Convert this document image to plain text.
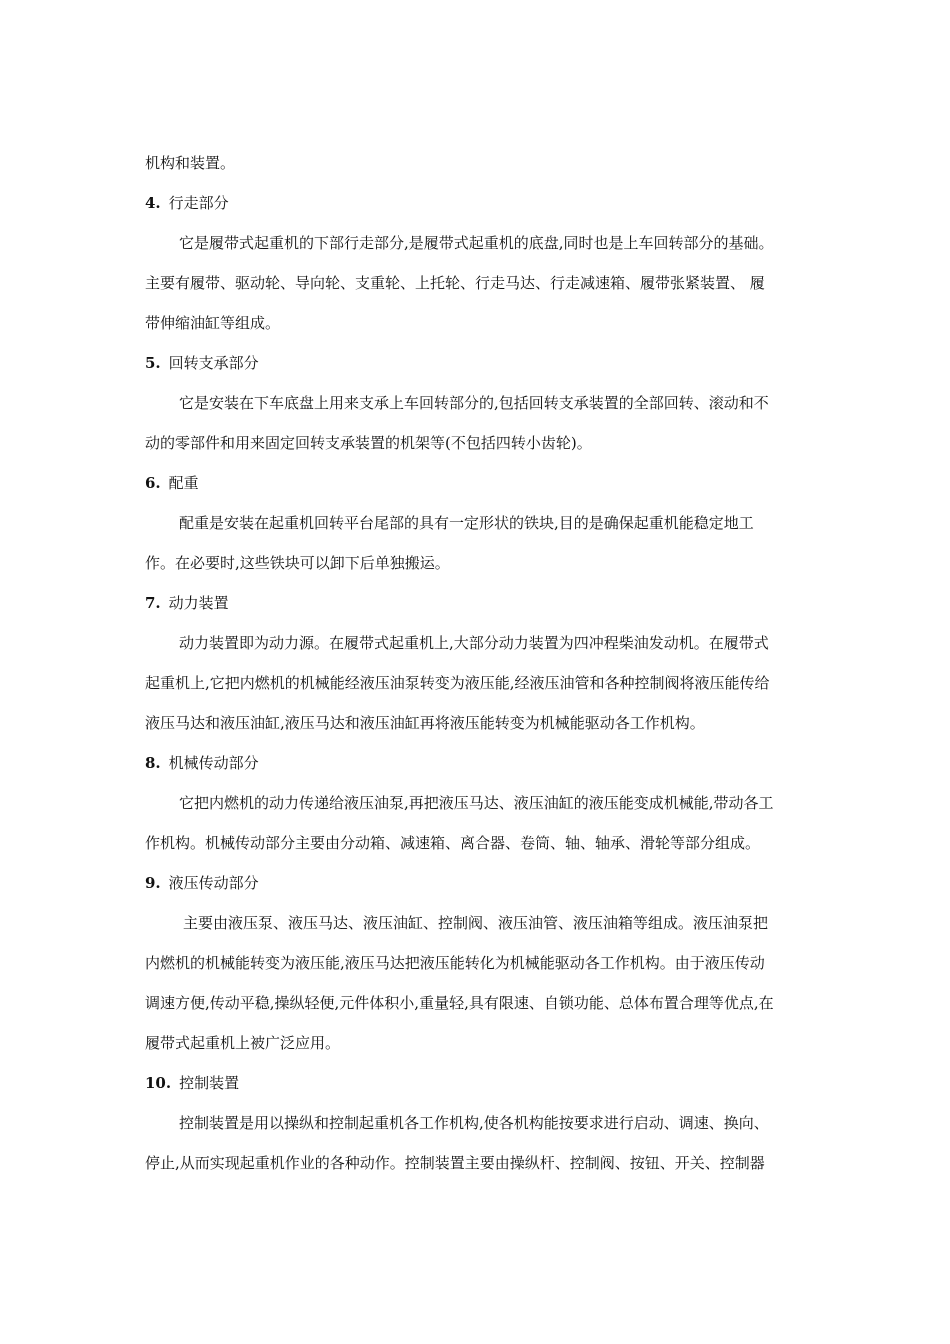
机构和装置。
4. 行走部分
它是履带式起重机的下部行走部分,是履带式起重机的底盘,同时也是上车回转部分的基础。
主要有履带、驱动轮、导向轮、支重轮、上托轮、行走马达、行走减速箱、履带张紧装置、 履
带伸缩油缸等组成。
5. 回转支承部分
它是安装在下车底盘上用来支承上车回转部分的,包括回转支承装置的全部回转、滚动和不
动的零部件和用来固定回转支承装置的机架等(不包括四转小齿轮)。
6. 配重
配重是安装在起重机回转平台尾部的具有一定形状的铁块,目的是确保起重机能稳定地工
作。在必要时,这些铁块可以卸下后单独搬运。
7. 动力装置
动力装置即为动力源。在履带式起重机上,大部分动力装置为四冲程柴油发动机。在履带式
起重机上,它把内燃机的机械能经液压油泵转变为液压能,经液压油管和各种控制阀将液压能传给
液压马达和液压油缸,液压马达和液压油缸再将液压能转变为机械能驱动各工作机构。
8. 机械传动部分
它把内燃机的动力传递给液压油泵,再把液压马达、液压油缸的液压能变成机械能,带动各工
作机构。机械传动部分主要由分动箱、减速箱、离合器、卷筒、轴、轴承、滑轮等部分组成。
9. 液压传动部分
主要由液压泵、液压马达、液压油缸、控制阀、液压油管、液压油箱等组成。液压油泵把
内燃机的机械能转变为液压能,液压马达把液压能转化为机械能驱动各工作机构。由于液压传动
调速方便,传动平稳,操纵轻便,元件体积小,重量轻,具有限速、自锁功能、总体布置合理等优点,在
履带式起重机上被广泛应用。
10. 控制装置
控制装置是用以操纵和控制起重机各工作机构,使各机构能按要求进行启动、调速、换向、
停止,从而实现起重机作业的各种动作。控制装置主要由操纵杆、控制阀、按钮、开关、控制器
